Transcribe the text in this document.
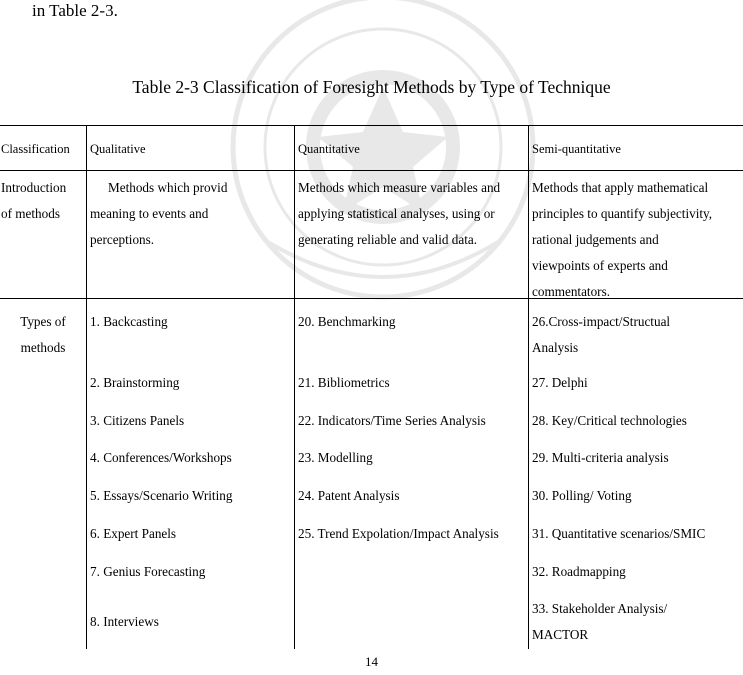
in Table 2-3.
Table 2-3 Classification of Foresight Methods by Type of Technique
Classification Qualitative	Quantitative	Semi-quantitative
Introduction
of methods
Methods which provid
meaning to events and
perceptions.
Methods which measure variables and
applying statistical analyses, using or
generating reliable and valid data.
Methods that apply mathematical
principles to quantify subjectivity,
rational judgements and
viewpoints of experts and
commentators.
Types of
methods
1. Backcasting
2. Brainstorming
3. Citizens Panels
4. Conferences/Workshops
5. Essays/Scenario Writing
6. Expert Panels
7. Genius Forecasting
8. Interviews
20. Benchmarking
21. Bibliometrics
22. Indicators/Time Series Analysis
23. Modelling
24. Patent Analysis
25. Trend Expolation/Impact Analysis
26.Cross-impact/Structual
Analysis
27. Delphi
28. Key/Critical technologies
29. Multi-criteria analysis
30. Polling/ Voting
31. Quantitative scenarios/SMIC
32. Roadmapping
33. Stakeholder Analysis/
MACTOR
14
